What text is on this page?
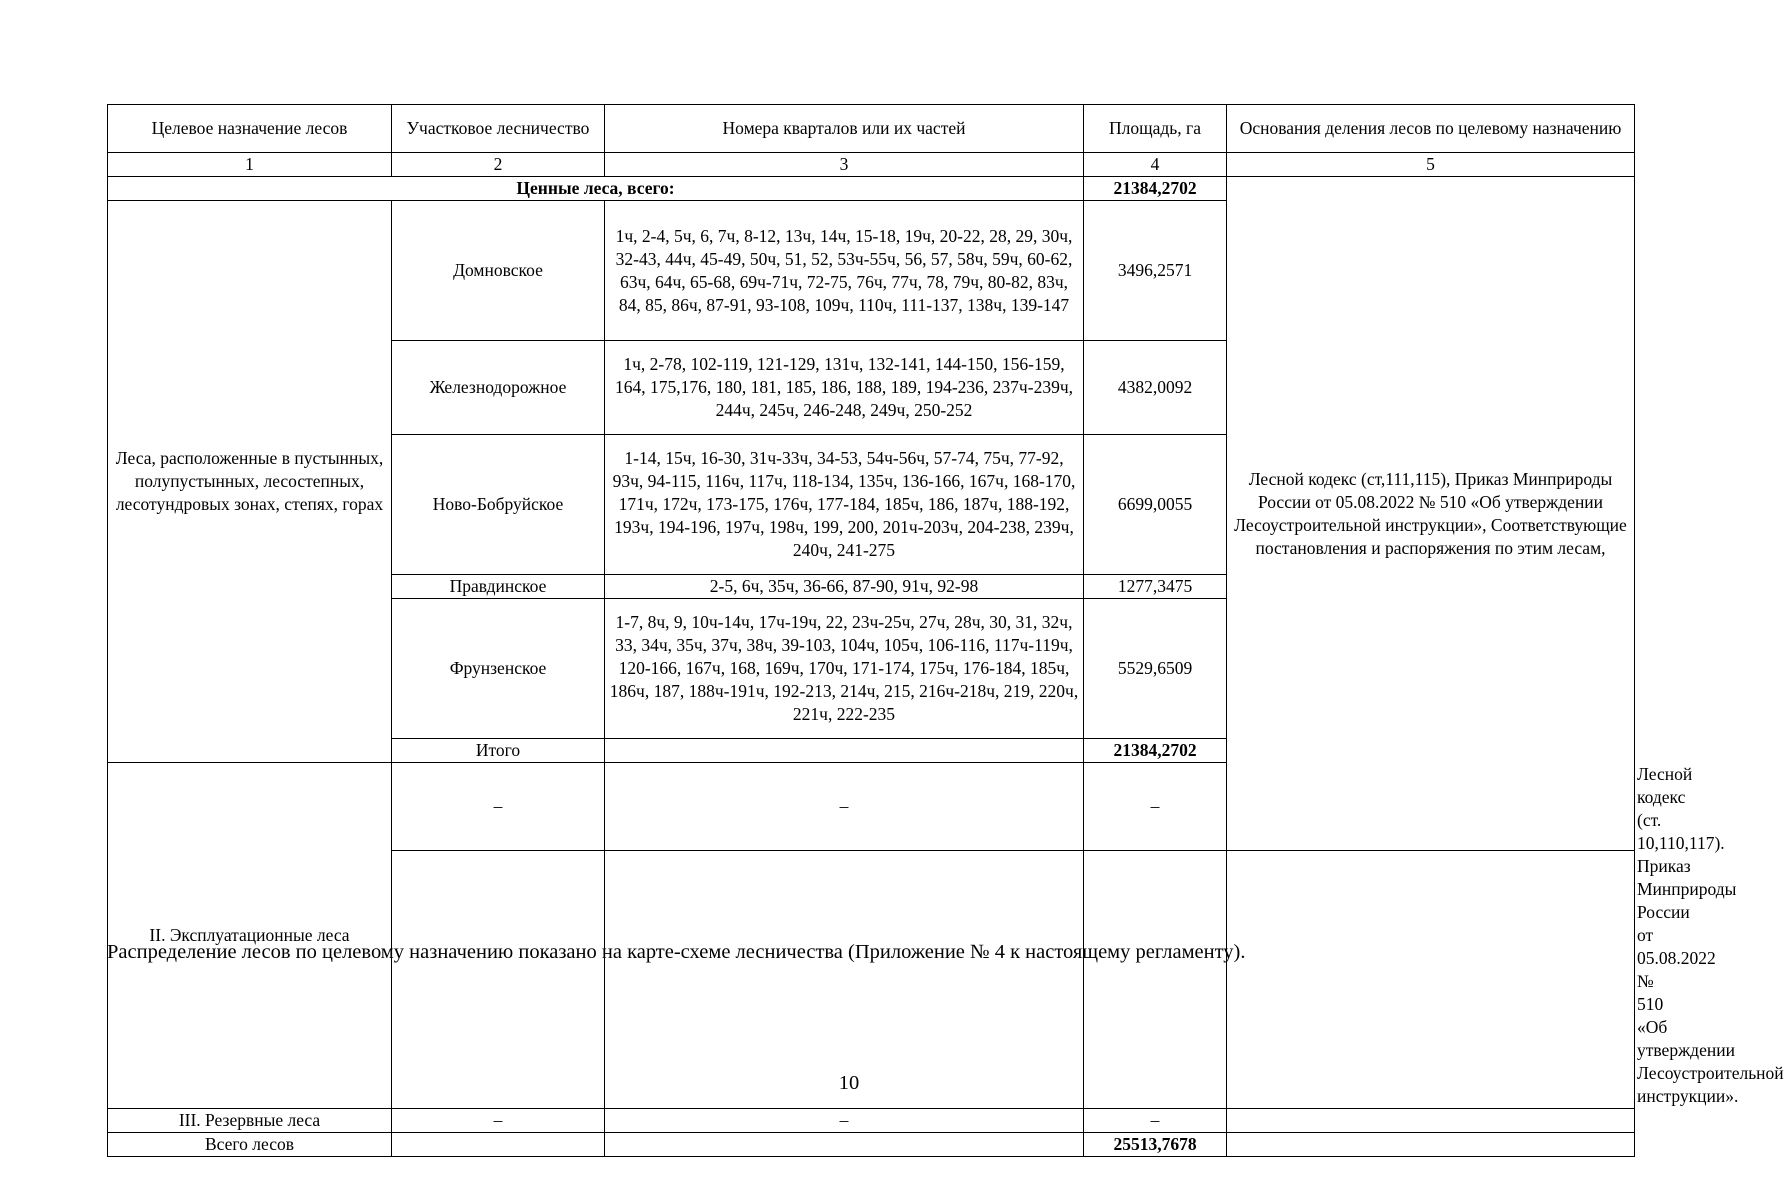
Целевое назначение лесов	Участковое лесничество	Номера кварталов или их частей	Площадь, га	Основания деления лесов по целевому назначению	
1	2	3	4	5	
Ценные леса, всего:			21384,2702	Лесной кодекс (ст,111,115), Приказ Минприроды России от 05.08.2022 № 510 «Об утверждении Лесоустроительной инструкции», Соответствующие постановления и распоряжения по этим лесам,	
Леса, расположенные в пустынных, полупустынных, лесостепных, лесотундровых зонах, степях, горах	Домновское	1ч, 2-4, 5ч, 6, 7ч, 8-12, 13ч, 14ч, 15-18, 19ч, 20-22, 28, 29, 30ч, 32-43, 44ч, 45-49, 50ч, 51, 52, 53ч-55ч, 56, 57, 58ч, 59ч, 60-62, 63ч, 64ч, 65-68, 69ч-71ч, 72-75, 76ч, 77ч, 78, 79ч, 80-82, 83ч, 84, 85, 86ч, 87-91, 93-108, 109ч, 110ч, 111-137, 138ч, 139-147	3496,2571		
	Железнодорожное	1ч, 2-78, 102-119, 121-129, 131ч, 132-141, 144-150, 156-159, 164, 175,176, 180, 181, 185, 186, 188, 189, 194-236, 237ч-239ч, 244ч, 245ч, 246-248, 249ч, 250-252	4382,0092		
	Ново-Бобруйское	1-14, 15ч, 16-30, 31ч-33ч, 34-53, 54ч-56ч, 57-74, 75ч, 77-92, 93ч, 94-115, 116ч, 117ч, 118-134, 135ч, 136-166, 167ч, 168-170, 171ч, 172ч, 173-175, 176ч, 177-184, 185ч, 186, 187ч, 188-192, 193ч, 194-196, 197ч, 198ч, 199, 200, 201ч-203ч, 204-238, 239ч, 240ч, 241-275	6699,0055		
	Правдинское	2-5, 6ч, 35ч, 36-66, 87-90, 91ч, 92-98	1277,3475		
	Фрунзенское	1-7, 8ч, 9, 10ч-14ч, 17ч-19ч, 22, 23ч-25ч, 27ч, 28ч, 30, 31, 32ч, 33, 34ч, 35ч, 37ч, 38ч, 39-103, 104ч, 105ч, 106-116, 117ч-119ч, 120-166, 167ч, 168, 169ч, 170ч, 171-174, 175ч, 176-184, 185ч, 186ч, 187, 188ч-191ч, 192-213, 214ч, 215, 216ч-218ч, 219, 220ч, 221ч, 222-235	5529,6509		
	Итого		21384,2702		
II. Эксплуатационные леса	–	–	–		Лесной кодекс (ст. 10,110,117). Приказ Минприроды России от 05.08.2022 № 510 «Об утверждении Лесоустроительной инструкции».

III. Резервные леса	–	–	–		
Всего лесов			25513,7678		
Распределение лесов по целевому назначению показано на карте-схеме лесничества (Приложение № 4 к настоящему регламенту).
10
